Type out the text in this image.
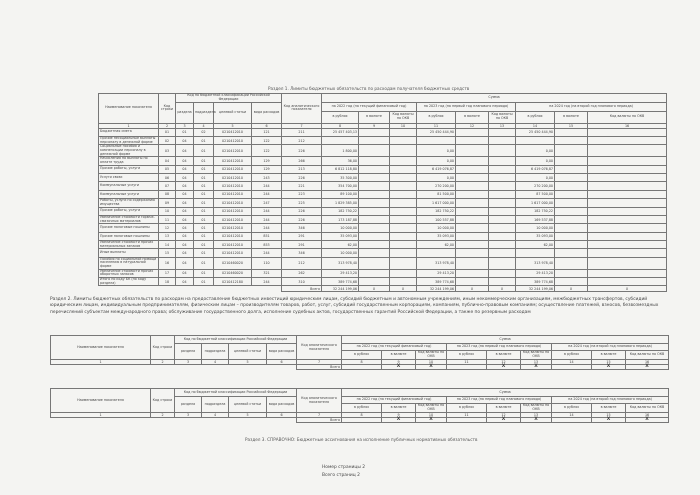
Раздел 1. Лимиты бюджетных обязательств по расходам получателя бюджетных средств
Наименование показателя	Код строки	Код по бюджетной классификации Российской Федерации				Код аналитического показателя	Сумма								
		раздела	подраздела	целевой статьи	вида расходов		на 2022 год (на текущий финансовый год)			на 2023 год (на первый год планового периода)			на 2024 год (на второй год планового периода)		
							в рублях	в валюте	Код валюты по ОКВ	в рублях	в валюте	Код валюты по ОКВ	в рублях	в валюте	Код валюты по ОКВ
1	2	3	4	5	6	7	8	9	10	11	12	13	14	15	16
Бюджетная смета	01	01	02	0210412010	121	211	25 457 403,13			25 450 444,90			25 450 444,90		
Прочие несоциальные выплаты персоналу в денежной форме	02	04	01	0210412010	122	212									
Социальные пособия и компенсации персоналу в денежной форме	03	04	01	0210412010	122	226	1 800,00			0,00			0,00		
Начисления на выплаты по оплате труда	04	04	01	0210412010	129	266	36,00			0,00			0,00		
Прочие работы, услуги	05	04	01	0210412010	129	213	6 812 118,80			6 419 076,87			6 419 076,87		
Услуги связи	06	04	01	0210412010	243	226	35 300,00			0,00			0,00		
Коммунальные услуги	07	04	01	0210412010	244	221	354 700,00			270 200,00			270 200,00		
Коммунальные услуги	08	04	01	0210412010	244	223	89 100,00			81 500,00			87 500,00		
Работы, услуги по содержанию имущества	09	04	01	0210412010	247	225	1 829 385,00			1 617 000,00			1 617 000,00		
Прочие работы, услуги	10	04	01	0210412010	244	226	182 750,22			182 750,22			182 750,22		
Увеличение стоимости горюче-смазочных материалов	11	04	01	0210412010	244	226	173 187,88			100 557,88			169 537,88		
Прочие налоговые пошлины	12	04	01	0210412010	244	346	10 000,00			10 000,00			10 000,00		
Прочие налоговые пошлины	13	04	01	0210412010	851	291	35 093,00			35 093,00			35 093,00		
Увеличение стоимости прочих материальных запасов	14	04	01	0210412010	853	291	62,00			62,00			62,00		
Иные выплаты	15	04	01	0210412010	244	346	10 000,00								
Пособия по социальной помощи населению в натуральной форме	16	04	01	0210460020	110	212	313 978,40			313 978,40			313 978,40		
Увеличение стоимости прочих оборотных запасов	17	04	01	0210460020	321	262	29 413,20			29 413,20			29 413,20		
Итого по коду БК (по коду раздела)	18	04	01	0210412180	244	310	389 774,68			389 774,68			389 774,68		
						Всего	32 244 199,06	X	X	32 244 199,06	X	X	32 244 199,06	X	X
Раздел 2. Лимиты бюджетных обязательств по расходам на предоставление бюджетных инвестиций юридическим лицам, субсидий бюджетным и автономным учреждениям, иным некоммерческим организациям, межбюджетных трансфертов, субсидий юридическим лицам, индивидуальным предпринимателям, физическим лицам – производителям товаров, работ, услуг, субсидий государственным корпорациям, компаниям, публично-правовым компаниям; осуществление платежей, взносов, безвозмездных перечислений субъектам международного права; обслуживание государственного долга, исполнение судебных актов, государственных гарантий Российской Федерации, а также по резервным расходам
Наименование показателя	Код строки	Код по бюджетной классификации Российской Федерации				Код аналитического показателя	Сумма								
		раздела	подраздела	целевой статьи	вида расходов		на 2022 год (на текущий финансовый год)			на 2023 год (на первый год планового периода)			на 2024 год (на второй год планового периода)		
							в рублях	в валюте	Код валюты по ОКВ	в рублях	в валюте	Код валюты по ОКВ	в рублях	в валюте	Код валюты по ОКВ
1	2	3	4	5	6	7	8	9	10	11	12	13	14	15	16
						Всего		X	X		X	X		X	X
Наименование показателя	Код строки	Код по бюджетной классификации Российской Федерации				Код аналитического показателя	Сумма								
		раздела	подраздела	целевой статьи	вида расходов		на 2022 год (на текущий финансовый год)			на 2023 год (на первый год планового периода)			на 2024 год (на второй год планового периода)		
							в рублях	в валюте	Код валюты по ОКВ	в рублях	в валюте	Код валюты по ОКВ	в рублях	в валюте	Код валюты по ОКВ
1	2	3	4	5	6	7	8	9	10	11	12	13	14	15	16
						Всего		X	X		X	X		X	X
Раздел 3. СПРАВОЧНО: Бюджетные ассигнования на исполнение публичных нормативных обязательств
Номер страницы 2
Всего страниц 2
